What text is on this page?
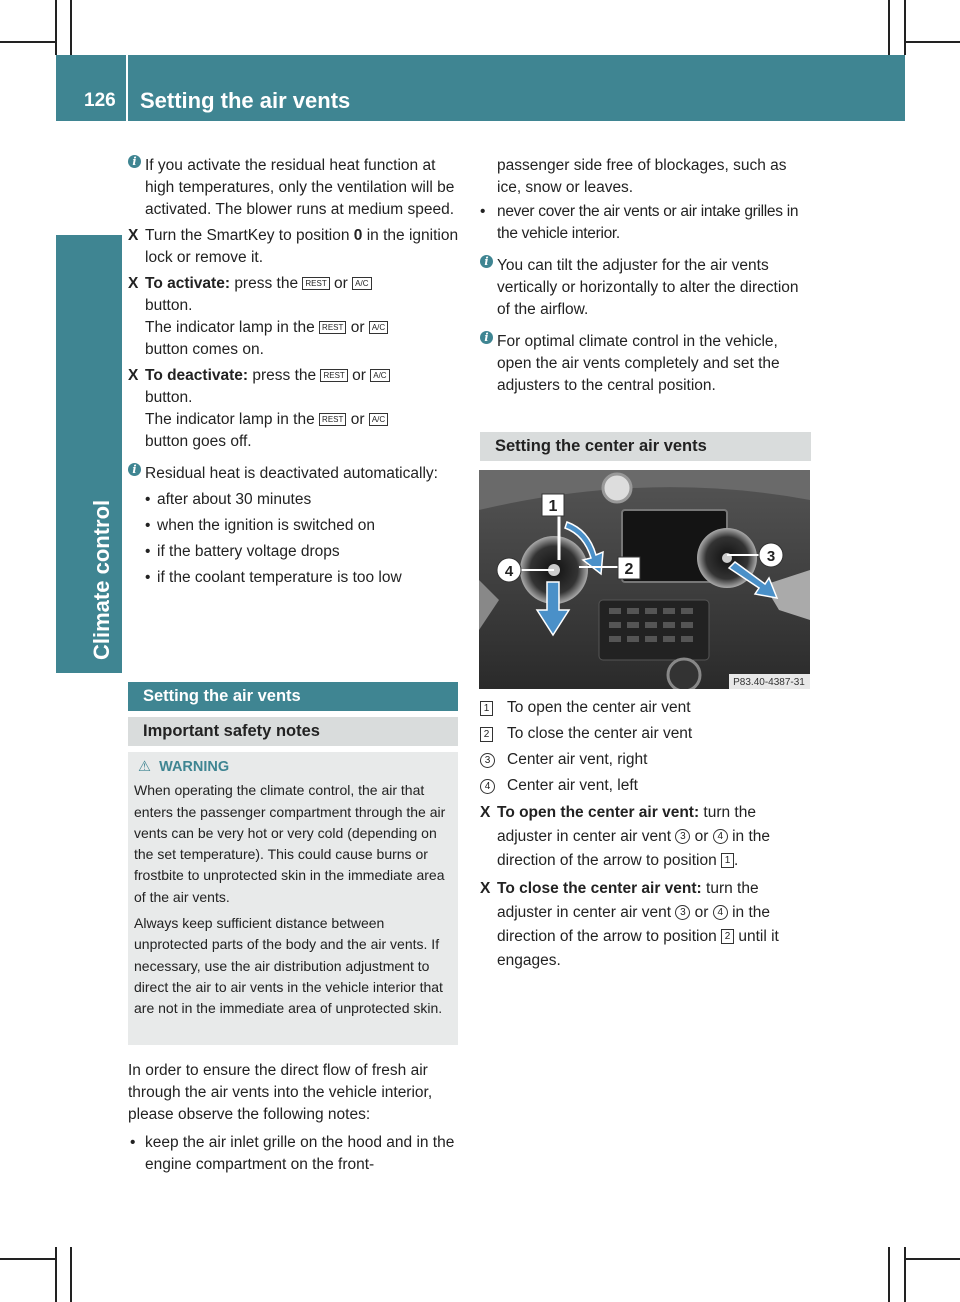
126 Setting the air vents
Climate control

i If you activate the residual heat function at high temperatures, only the ventilation will be activated. The blower runs at medium speed.

X Turn the SmartKey to position 0 in the ignition lock or remove it.

X To activate: press the REST or A/C
button.
The indicator lamp in the REST or A/C
button comes on.

X To deactivate: press the REST or A/C
button.
The indicator lamp in the REST or A/C
button goes off.

i Residual heat is deactivated automatically:

• after about 30 minutes

• when the ignition is switched on

• if the battery voltage drops

• if the coolant temperature is too low

Setting the air vents
Important safety notes
⚠ WARNING

When operating the climate control, the air that enters the passenger compartment through the air vents can be very hot or very cold (depending on the set temperature). This could cause burns or frostbite to unprotected skin in the immediate area of the air vents.

Always keep sufficient distance between unprotected parts of the body and the air vents. If necessary, use the air distribution adjustment to direct the air to air vents in the vehicle interior that are not in the immediate area of unprotected skin.

In order to ensure the direct flow of fresh air through the air vents into the vehicle interior, please observe the following notes:

• keep the air inlet grille on the hood and in the engine compartment on the front-

passenger side free of blockages, such as ice, snow or leaves.

• never cover the air vents or air intake grilles in the vehicle interior.

i You can tilt the adjuster for the air vents vertically or horizontally to alter the direction of the airflow.

i For optimal climate control in the vehicle, open the air vents completely and set the adjusters to the central position.

Setting the center air vents
1
2
3
4
P83.40-4387-31

1 To open the center air vent

2 To close the center air vent

3	Center air vent, right

4	Center air vent, left

X To open the center air vent: turn the adjuster in center air vent 3 or 4 in the direction of the arrow to position 1 .

X To close the center air vent: turn the adjuster in center air vent 3 or 4 in the direction of the arrow to position 2 until it engages.
